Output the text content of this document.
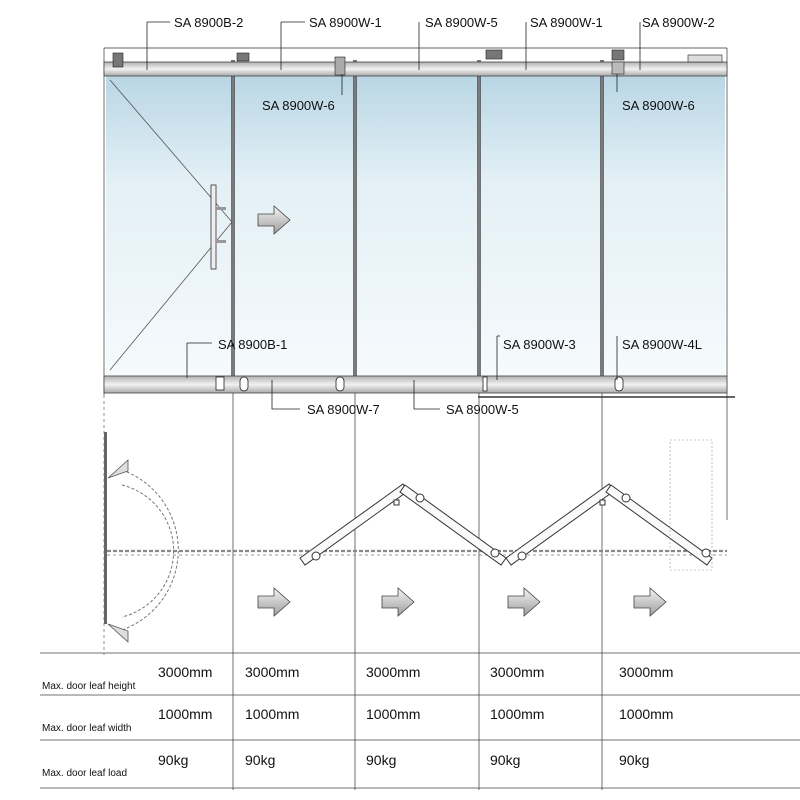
SA 8900B-2	SA 8900W-1	SA 8900W-5 SA 8900W-1	SA 8900W-2
SA 8900W-6	SA 8900W-6
SA 8900B-1	SA 8900W-3	SA 8900W-4L
SA 8900W-7	SA 8900W-5
Max. door leaf height
3000mm 3000mm	3000mm	3000mm	3000mm
Max. door leaf width
1000mm 1000mm	1000mm	1000mm	1000mm
Max. door leaf load
90kg	90kg	90kg	90kg	90kg
